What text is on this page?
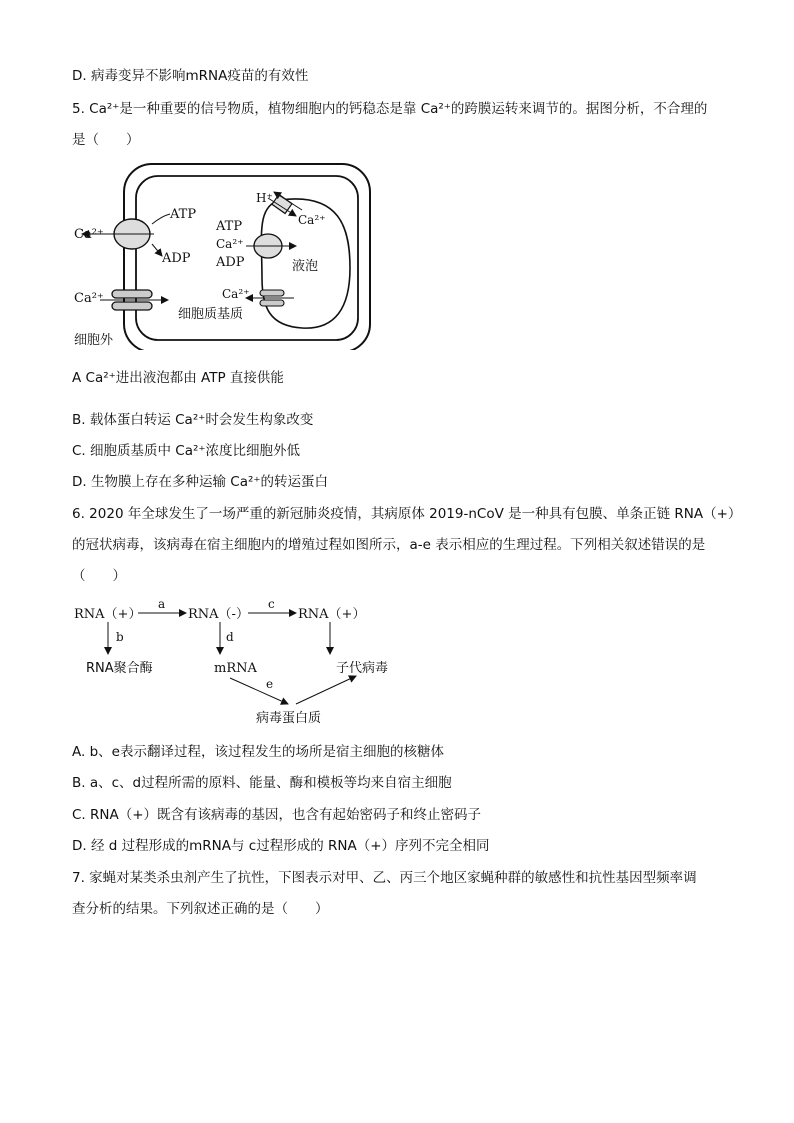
D. 病毒变异不影响mRNA疫苗的有效性
5. Ca²⁺是一种重要的信号物质，植物细胞内的钙稳态是靠 Ca²⁺的跨膜运转来调节的。据图分析，不合理的
是（　　）
Ca²⁺
ATP
ADP
Ca²⁺
H⁺
Ca²⁺
ATP
Ca²⁺
ADP	液泡
Ca²⁺
细胞质基质
细胞外
A Ca²⁺进出液泡都由 ATP 直接供能
B. 载体蛋白转运 Ca²⁺时会发生构象改变
C. 细胞质基质中 Ca²⁺浓度比细胞外低
D. 生物膜上存在多种运输 Ca²⁺的转运蛋白
6. 2020 年全球发生了一场严重的新冠肺炎疫情，其病原体 2019-nCoV 是一种具有包膜、单条正链 RNA（+）
的冠状病毒，该病毒在宿主细胞内的增殖过程如图所示，a-e 表示相应的生理过程。下列相关叙述错误的是
（　　）
RNA（+）	RNA（-）	RNA（+）
a	c
b	d
RNA聚合酶	mRNA	子代病毒
e
病毒蛋白质
A. b、e表示翻译过程，该过程发生的场所是宿主细胞的核糖体
B. a、c、d过程所需的原料、能量、酶和模板等均来自宿主细胞
C. RNA（+）既含有该病毒的基因，也含有起始密码子和终止密码子
D. 经 d 过程形成的mRNA与 c过程形成的 RNA（+）序列不完全相同
7. 家蝇对某类杀虫剂产生了抗性，下图表示对甲、乙、丙三个地区家蝇种群的敏感性和抗性基因型频率调
查分析的结果。下列叙述正确的是（　　）
